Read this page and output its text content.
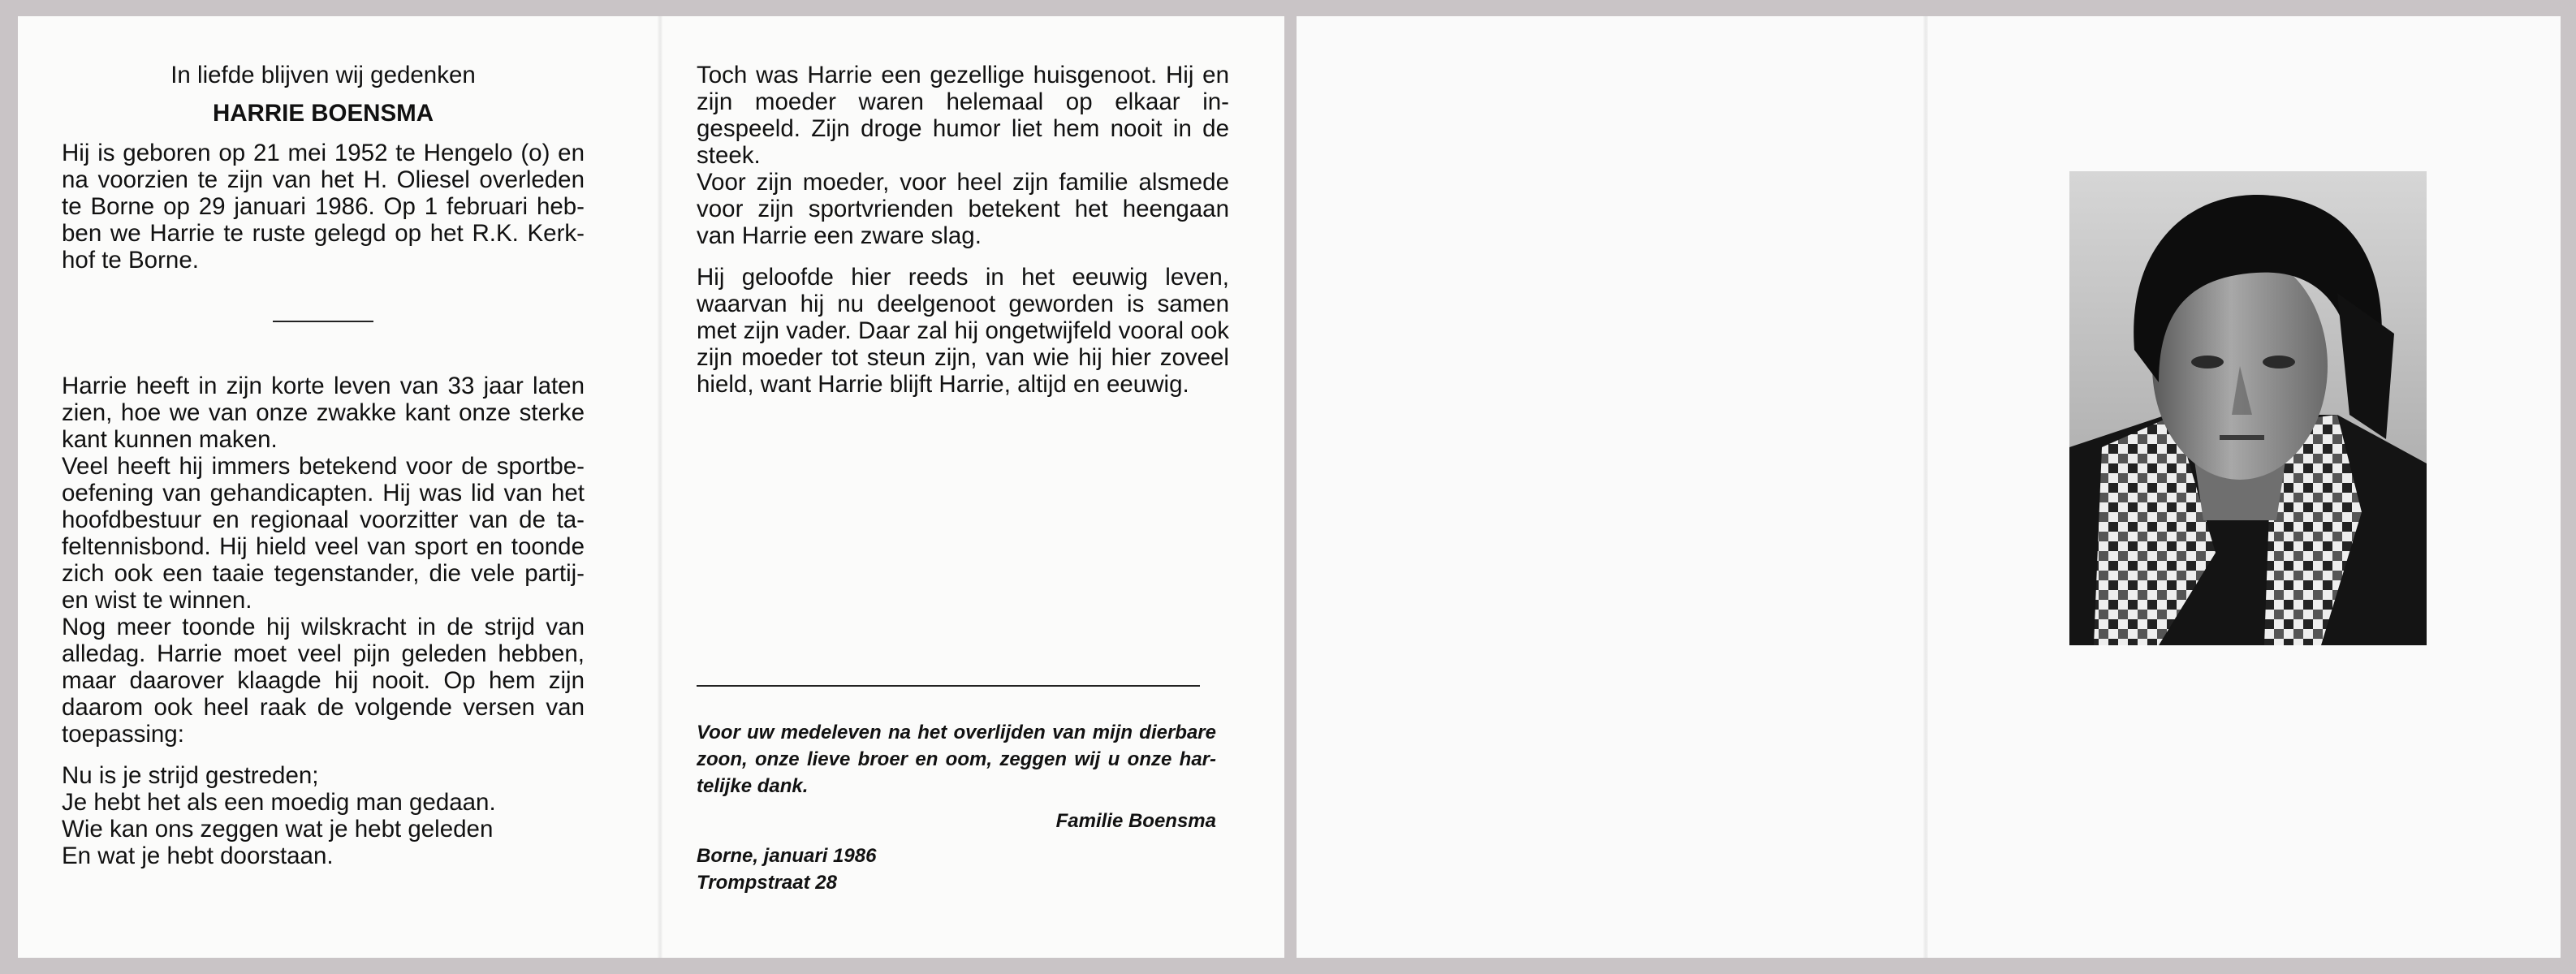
In liefde blijven wij gedenken

HARRIE BOENSMA

Hij is geboren op 21 mei 1952 te Hengelo (o) en na voorzien te zijn van het H. Oliesel overleden te Borne op 29 januari 1986. Op 1 februari heb-ben we Harrie te ruste gelegd op het R.K. Kerk-hof te Borne.

Harrie heeft in zijn korte leven van 33 jaar laten zien, hoe we van onze zwakke kant onze sterke kant kunnen maken.

Veel heeft hij immers betekend voor de sportbe-oefening van gehandicapten. Hij was lid van het hoofdbestuur en regionaal voorzitter van de ta-feltennisbond. Hij hield veel van sport en toonde zich ook een taaie tegenstander, die vele partij-en wist te winnen.

Nog meer toonde hij wilskracht in de strijd van alledag. Harrie moet veel pijn geleden hebben, maar daarover klaagde hij nooit. Op hem zijn daarom ook heel raak de volgende versen van toepassing:

Nu is je strijd gestreden;

Je hebt het als een moedig man gedaan.

Wie kan ons zeggen wat je hebt geleden

En wat je hebt doorstaan.

Toch was Harrie een gezellige huisgenoot. Hij en zijn moeder waren helemaal op elkaar in-gespeeld. Zijn droge humor liet hem nooit in de steek.

Voor zijn moeder, voor heel zijn familie alsmede voor zijn sportvrienden betekent het heengaan van Harrie een zware slag.

Hij geloofde hier reeds in het eeuwig leven, waarvan hij nu deelgenoot geworden is samen met zijn vader. Daar zal hij ongetwijfeld vooral ook zijn moeder tot steun zijn, van wie hij hier zoveel hield, want Harrie blijft Harrie, altijd en eeuwig.

Voor uw medeleven na het overlijden van mijn dierbare zoon, onze lieve broer en oom, zeggen wij u onze har-telijke dank.

Familie Boensma

Borne, januari 1986

Trompstraat 28
